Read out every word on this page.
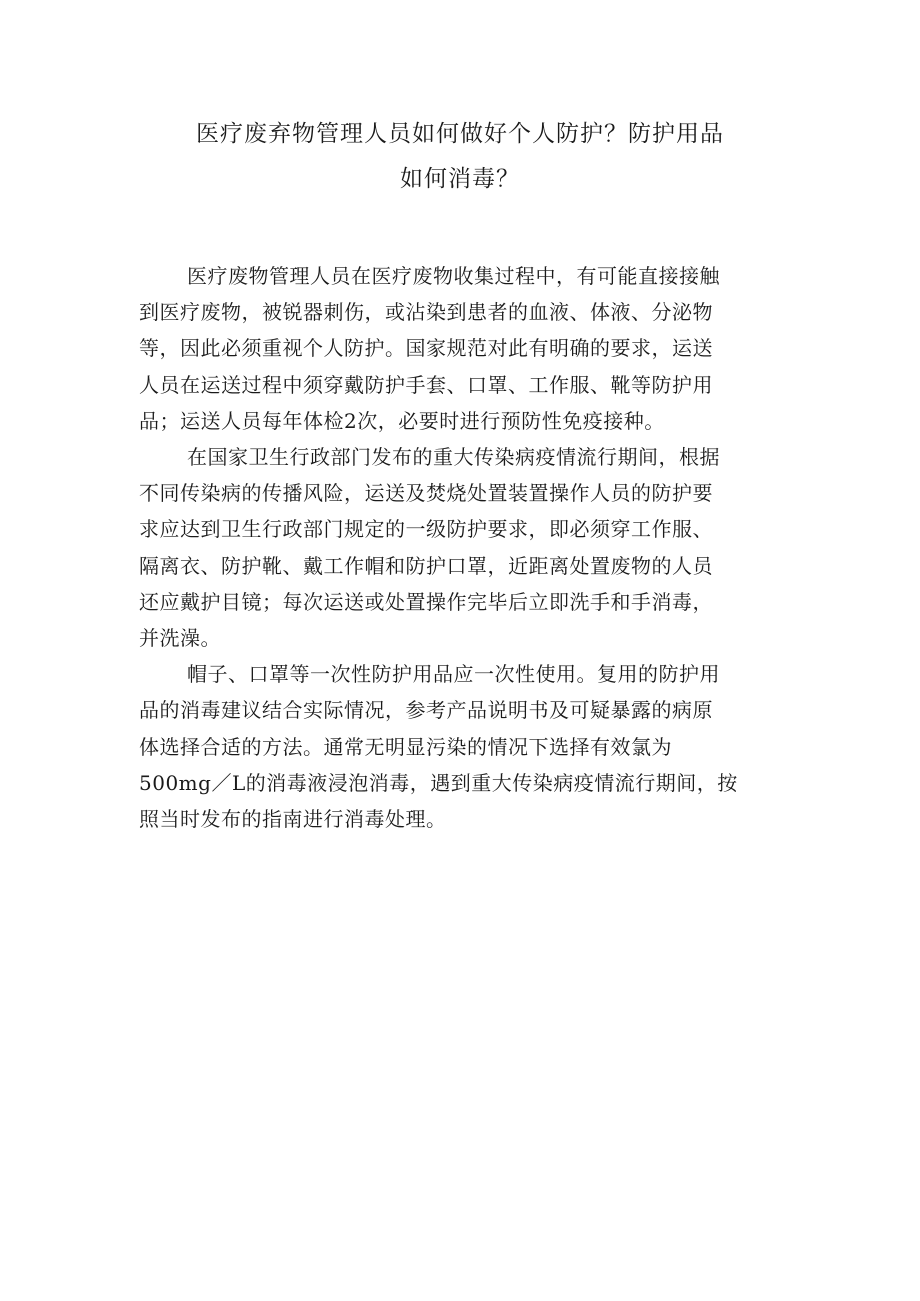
医疗废弃物管理人员如何做好个人防护？防护用品
如何消毒？
医疗废物管理人员在医疗废物收集过程中，有可能直接接触
到医疗废物，被锐器刺伤，或沾染到患者的血液、体液、分泌物
等，因此必须重视个人防护。国家规范对此有明确的要求，运送
人员在运送过程中须穿戴防护手套、口罩、工作服、靴等防护用
品；运送人员每年体检2次，必要时进行预防性免疫接种。
在国家卫生行政部门发布的重大传染病疫情流行期间，根据
不同传染病的传播风险，运送及焚烧处置装置操作人员的防护要
求应达到卫生行政部门规定的一级防护要求，即必须穿工作服、
隔离衣、防护靴、戴工作帽和防护口罩，近距离处置废物的人员
还应戴护目镜；每次运送或处置操作完毕后立即洗手和手消毒，
并洗澡。
帽子、口罩等一次性防护用品应一次性使用。复用的防护用
品的消毒建议结合实际情况，参考产品说明书及可疑暴露的病原
体选择合适的方法。通常无明显污染的情况下选择有效氯为
500mg／L的消毒液浸泡消毒，遇到重大传染病疫情流行期间，按
照当时发布的指南进行消毒处理。
